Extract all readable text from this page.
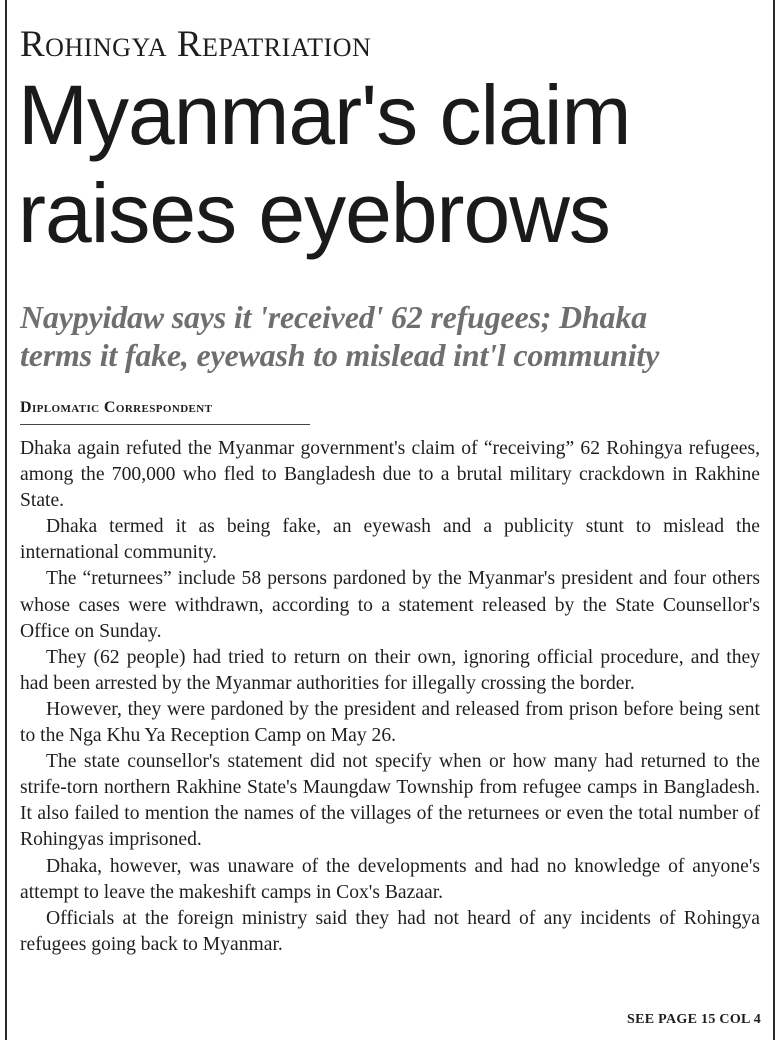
Rohingya Repatriation
Myanmar's claim
raises eyebrows
Naypyidaw says it 'received' 62 refugees; Dhaka
terms it fake, eyewash to mislead int'l community
Diplomatic Correspondent

Dhaka again refuted the Myanmar government's claim of “receiving” 62 Rohingya refugees, among the 700,000 who fled to Bangladesh due to a brutal military crackdown in Rakhine State.

Dhaka termed it as being fake, an eyewash and a publicity stunt to mislead the international community.

The “returnees” include 58 persons pardoned by the Myanmar's president and four others whose cases were withdrawn, according to a statement released by the State Counsellor's Office on Sunday.

They (62 people) had tried to return on their own, ignoring official procedure, and they had been arrested by the Myanmar authorities for illegally crossing the border.

However, they were pardoned by the president and released from prison before being sent to the Nga Khu Ya Reception Camp on May 26.

The state counsellor's statement did not specify when or how many had returned to the strife-torn northern Rakhine State's Maungdaw Township from refugee camps in Bangladesh. It also failed to mention the names of the villages of the returnees or even the total number of Rohingyas imprisoned.

Dhaka, however, was unaware of the developments and had no knowledge of anyone's attempt to leave the makeshift camps in Cox's Bazaar.

Officials at the foreign ministry said they had not heard of any incidents of Rohingya refugees going back to Myanmar.

SEE PAGE 15 COL 4
